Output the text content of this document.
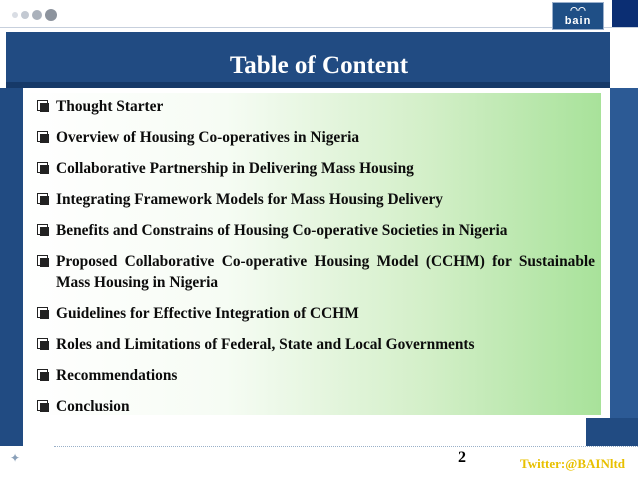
◠◠
bain
Table of Content
Thought Starter
Overview of Housing Co-operatives in Nigeria
Collaborative Partnership in Delivering Mass Housing
Integrating Framework Models for Mass Housing Delivery
Benefits and Constrains of Housing Co-operative Societies in Nigeria
Proposed Collaborative Co-operative Housing Model (CCHM) for Sustainable Mass Housing in Nigeria
Guidelines for Effective Integration of CCHM
Roles and Limitations of Federal, State and Local Governments
Recommendations
Conclusion
✦	2	Twitter:@BAINltd
